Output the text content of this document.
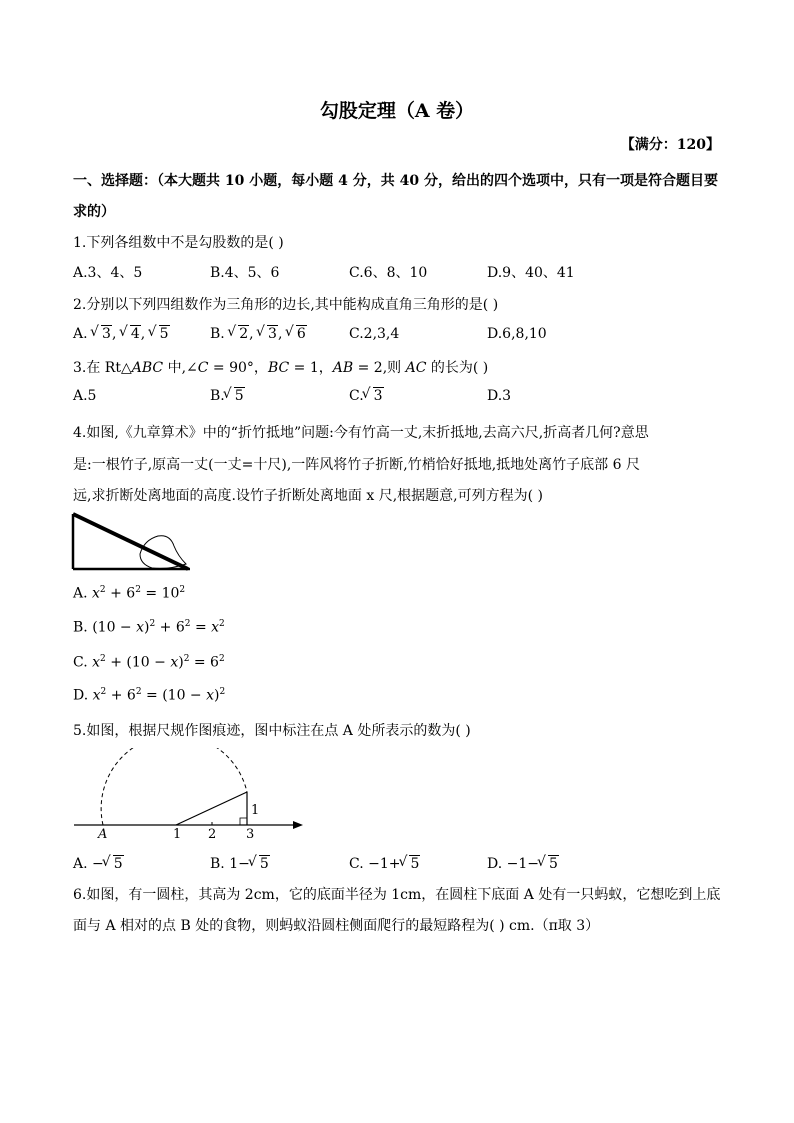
勾股定理（A 卷）
【满分：120】
一、选择题：（本大题共 10 小题，每小题 4 分，共 40 分，给出的四个选项中，只有一项是符合题目要求的）
1.下列各组数中不是勾股数的是( )
A.3、4、5	B.4、5、6	C.6、8、10	D.9、40、41
2.分别以下列四组数作为三角形的边长,其中能构成直角三角形的是( )
A. √ 3, √ 4, √ 5	B. √ 2, √ 3, √ 6	C.2,3,4	D.6,8,10
3.在 Rt△ABC 中,∠C = 90°，BC = 1，AB = 2,则 AC 的长为( )
A.5	B. √ 5	C. √ 3	D.3
4.如图,《九章算术》中的“折竹抵地”问题:今有竹高一丈,末折抵地,去高六尺,折高者几何?意思
是:一根竹子,原高一丈(一丈=十尺),一阵风将竹子折断,竹梢恰好抵地,抵地处离竹子底部 6 尺
远,求折断处离地面的高度.设竹子折断处离地面 x 尺,根据题意,可列方程为( )
A. $x^2 + 6^2 = 10^2$
B. $(10 - x)^2 + 6^2 = x^2$
C. $x^2 + (10 - x)^2 = 6^2$
D. $x^2 + 6^2 = (10 - x)^2$
5.如图，根据尺规作图痕迹，图中标注在点 A 处所表示的数为( )
A	1 2 3
1
A. − √ 5	B. 1− √ 5	C. −1+ √ 5	D. −1− √ 5
6.如图，有一圆柱，其高为 2cm，它的底面半径为 1cm，在圆柱下底面 A 处有一只蚂蚁，它想吃到上底面与 A 相对的点 B 处的食物，则蚂蚁沿圆柱侧面爬行的最短路程为( ) cm.（π取 3）
